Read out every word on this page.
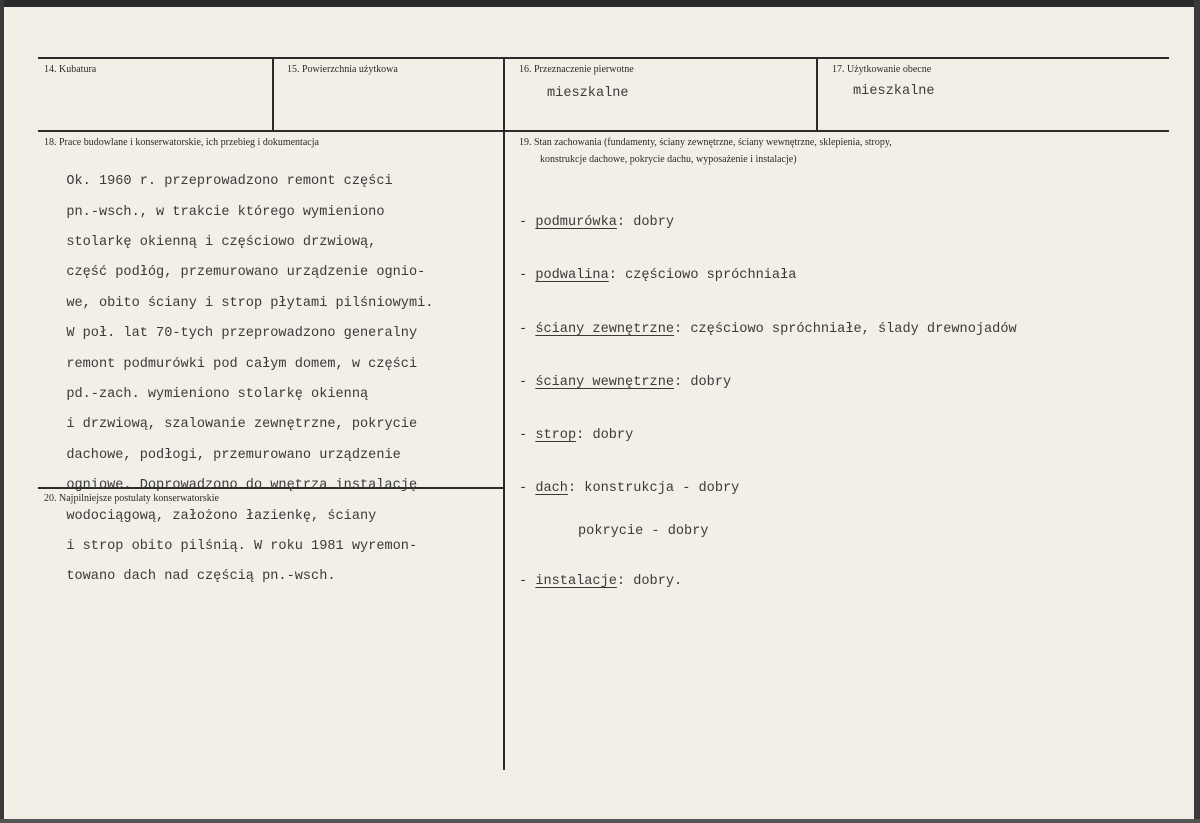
14. Kubatura	15. Powierzchnia użytkowa	16. Przeznaczenie pierwotne
mieszkalne
17. Użytkowanie obecne
mieszkalne
18. Prace budowlane i konserwatorskie, ich przebieg i dokumentacja

Ok. 1960 r. przeprowadzono remont części

pn.-wsch., w trakcie którego wymieniono

stolarkę okienną i częściowo drzwiową,

część podłóg, przemurowano urządzenie ognio-

we, obito ściany i strop płytami pilśniowymi.

W poł. lat 70-tych przeprowadzono generalny

remont podmurówki pod całym domem, w części

pd.-zach. wymieniono stolarkę okienną

i drzwiową, szalowanie zewnętrzne, pokrycie

dachowe, podłogi, przemurowano urządzenie

ogniowe. Doprowadzono do wnętrza instalację

wodociągową, założono łazienkę, ściany

i strop obito pilśnią. W roku 1981 wyremon-

towano dach nad częścią pn.-wsch.

19. Stan zachowania (fundamenty, ściany zewnętrzne, ściany wewnętrzne, sklepienia, stropy,
konstrukcje dachowe, pokrycie dachu, wyposażenie i instalacje)

- podmurówka: dobry

- podwalina: częściowo spróchniała

- ściany zewnętrzne: częściowo spróchniałe, ślady drewnojadów

- ściany wewnętrzne: dobry

- strop: dobry

- dach: konstrukcja - dobry

pokrycie - dobry

- instalacje: dobry.

20. Najpilniejsze postulaty konserwatorskie
